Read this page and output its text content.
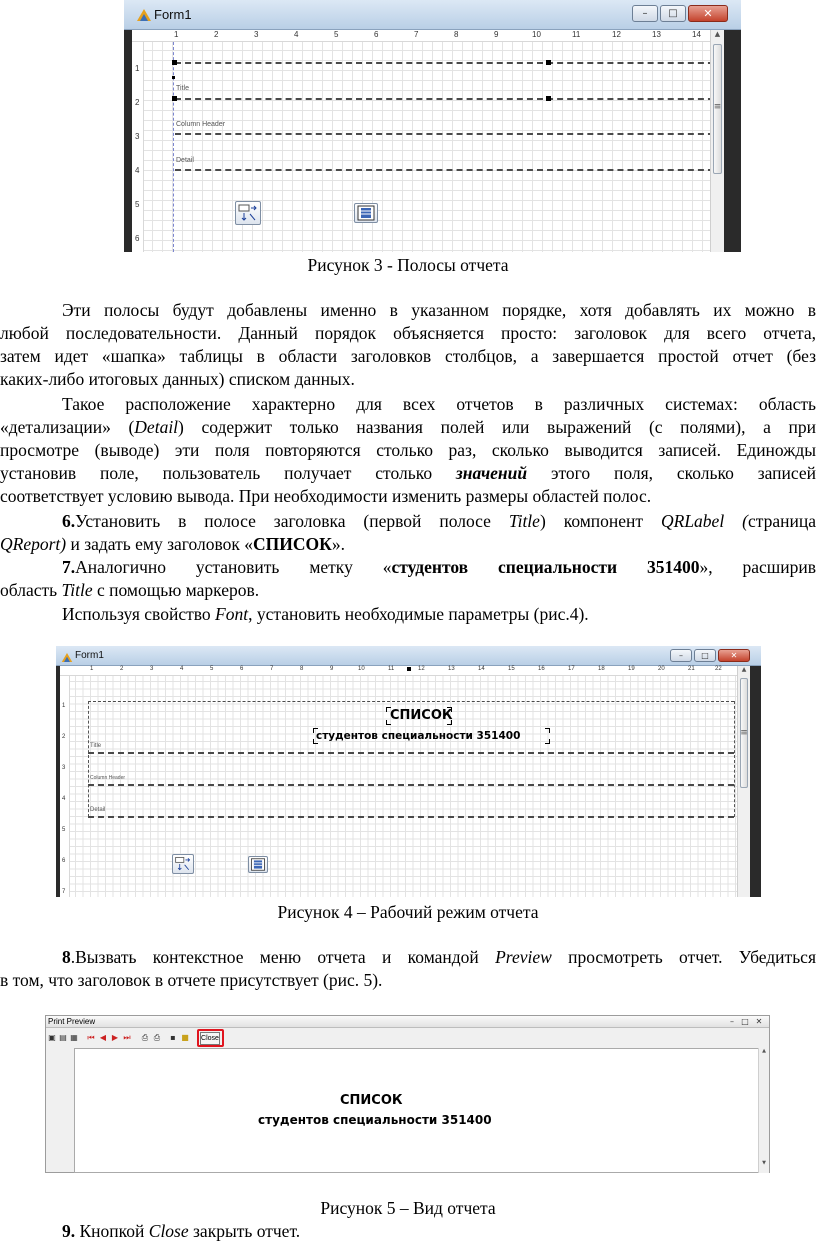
Form1	–	□	✕
1	2	3	4	5	6	7	8	9	10	11	12	13	14
1
2
3
4
5
6
Title
Column Header
Detail
▲
≡
Рисунок 3 - Полосы отчета
Эти полосы будут добавлены именно в указанном порядке, хотя добавлять их можно в
любой последовательности. Данный порядок объясняется просто: заголовок для всего отчета,
затем идет «шапка» таблицы в области заголовков столбцов, а завершается простой отчет (без
каких-либо итоговых данных) списком данных.
Такое расположение характерно для всех отчетов в различных системах: область
«детализации» (Detail) содержит только названия полей или выражений (с полями), а при
просмотре (выводе) эти поля повторяются столько раз, сколько выводится записей. Единожды
установив поле, пользователь получает столько значений этого поля, сколько записей
соответствует условию вывода. При необходимости изменить размеры областей полос.
6.Установить в полосе заголовка (первой полосе Title) компонент QRLabel (страница
QReport) и задать ему заголовок «СПИСОК».
7.Аналогично установить метку «студентов специальности 351400», расширив
область Title с помощью маркеров.
Используя свойство Font, установить необходимые параметры (рис.4).
Form1	–	□	✕
1	2	3	4	5	6	7	8	9	10	11	12	13	14	15	16	17	18	19	20	21	22
1
2
3
4
5
6
7
Title
Column Header
Detail
СПИСОК
студентов специальности 351400
▲
≡
Рисунок 4 – Рабочий режим отчета
8.Вызвать контекстное меню отчета и командой Preview просмотреть отчет. Убедиться
в том, что заголовок в отчете присутствует (рис. 5).
Print Preview	– □ ✕
▣ ▤ ▦ ⏮ ◀ ▶ ⏭ ⎙ ⎙ ▪ ■ Close
СПИСОК
студентов специальности 351400
▲
▼
Рисунок 5 – Вид отчета
9. Кнопкой Close закрыть отчет.
